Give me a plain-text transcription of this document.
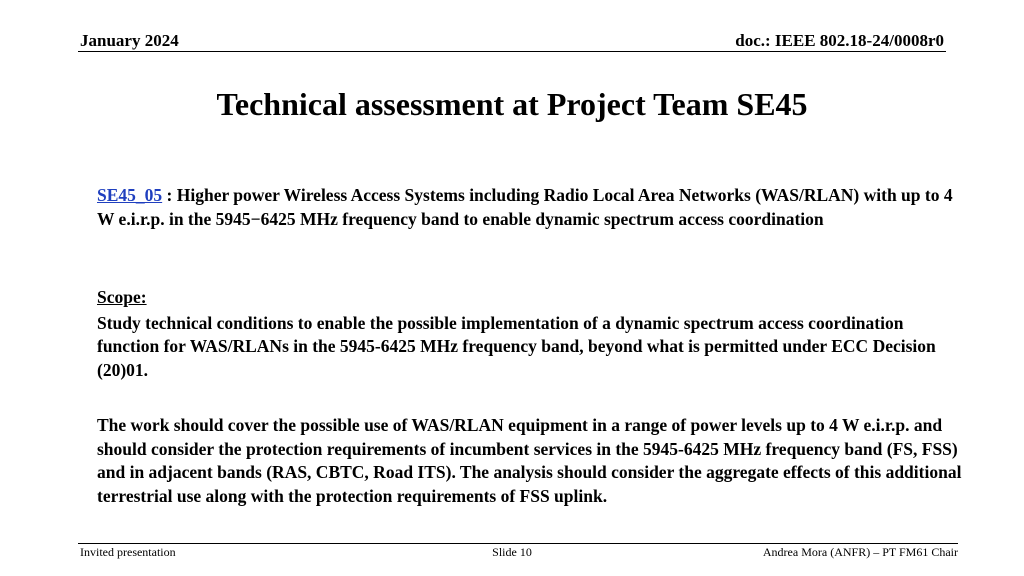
January 2024	doc.: IEEE 802.18-24/0008r0
Technical assessment at Project Team SE45
SE45_05 : Higher power Wireless Access Systems including Radio Local Area Networks (WAS/RLAN) with up to 4 W e.i.r.p. in the 5945−6425 MHz frequency band to enable dynamic spectrum access coordination
Scope:
Study technical conditions to enable the possible implementation of a dynamic spectrum access coordination function for WAS/RLANs in the 5945-6425 MHz frequency band, beyond what is permitted under ECC Decision (20)01.
The work should cover the possible use of WAS/RLAN equipment in a range of power levels up to 4 W e.i.r.p. and should consider the protection requirements of incumbent services in the 5945-6425 MHz frequency band (FS, FSS) and in adjacent bands (RAS, CBTC, Road ITS). The analysis should consider the aggregate effects of this additional terrestrial use along with the protection requirements of FSS uplink.
Invited presentation	Slide 10	Andrea Mora (ANFR) – PT FM61 Chair
